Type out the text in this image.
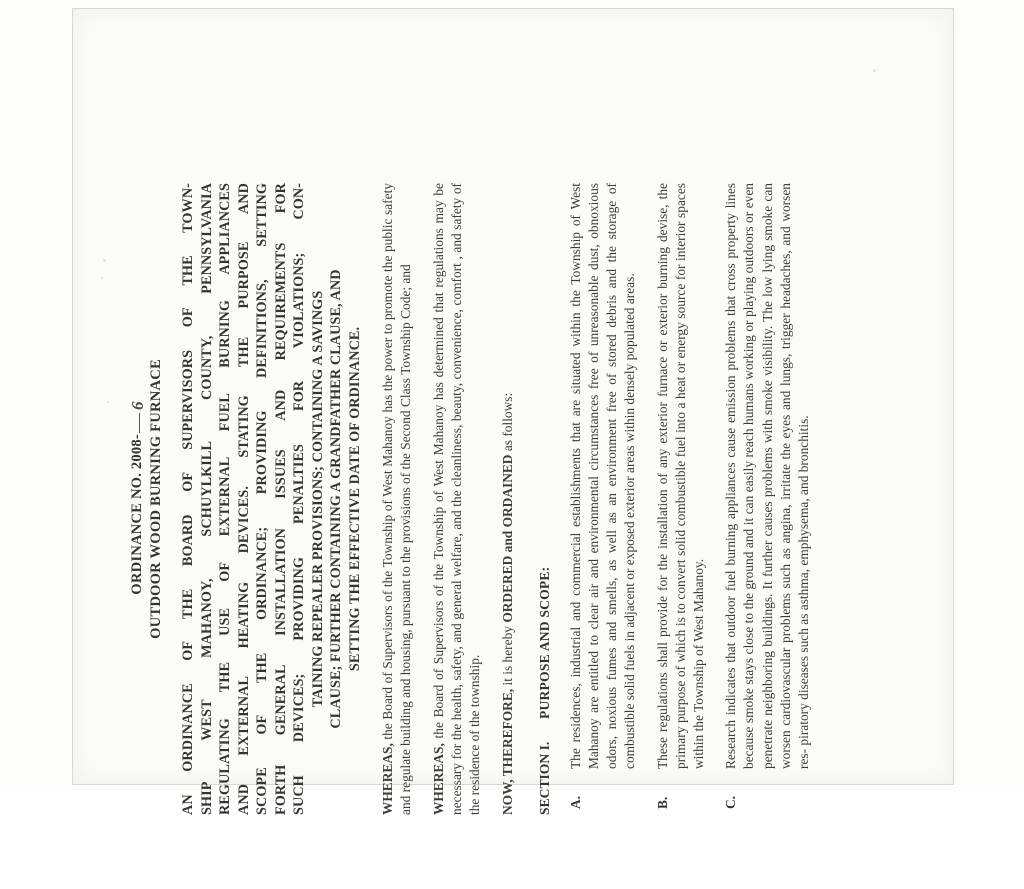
ORDINANCE NO. 2008-6 OUTDOOR WOOD BURNING FURNACE AN ORDINANCE OF THE BOARD OF SUPERVISORS OF THE TOWN- SHIP WEST MAHANOY, SCHUYLKILL COUNTY, PENNSYLVANIA REGULATING THE USE OF EXTERNAL FUEL BURNING APPLIANCES AND EXTERNAL HEATING DEVICES. STATING THE PURPOSE AND SCOPE OF THE ORDINANCE; PROVIDING DEFINITIONS, SETTING FORTH GENERAL INSTALLATION ISSUES AND REQUIREMENTS FOR SUCH DEVICES; PROVIDING PENALTIES FOR VIOLATIONS; CON- TAINING REPEALER PROVISIONS; CONTAINING A SAVINGS CLAUSE; FURTHER CONTAINING A GRANDFATHER CLAUSE, AND SETTING THE EFFECTIVE DATE OF ORDINANCE.
WHEREAS, the Board of Supervisors of the Township of West Mahanoy has the power to promote the public safety and regulate building and housing, pursuant to the provisions of the Second Class Township Code; and WHEREAS, the Board of Supervisors of the Township of West Mahanoy has determined that regulations may be necessary for the health, safety, and general welfare, and the cleanliness, beauty, convenience, comfort , and safety of the residence of the township. NOW, THEREFORE, it is hereby ORDERED and ORDAINED as follows:
SECTION I.PURPOSE AND SCOPE:
A.
The residences, industrial and commercial establishments that are situated within the Township of West Mahanoy are entitled to clear air and environmental circumstances free of unreasonable dust, obnoxious odors, noxious fumes and smells, as well as an environment free of stored debris and the storage of combustible solid fuels in adjacent or exposed exterior areas within densely populated areas.
B.
These regulations shall provide for the installation of any exterior furnace or exterior burning devise, the primary purpose of which is to convert solid combustible fuel into a heat or energy source for interior spaces within the Township of West Mahanoy.
C.
Research indicates that outdoor fuel burning appliances cause emission problems that cross property lines because smoke stays close to the ground and it can easily reach humans working or playing outdoors or even penetrate neighboring buildings. It further causes problems with smoke visibility. The low lying smoke can worsen cardiovascular problems such as angina, irritate the eyes and lungs, trigger headaches, and worsen res- piratory diseases such as asthma, emphysema, and bronchitis.
